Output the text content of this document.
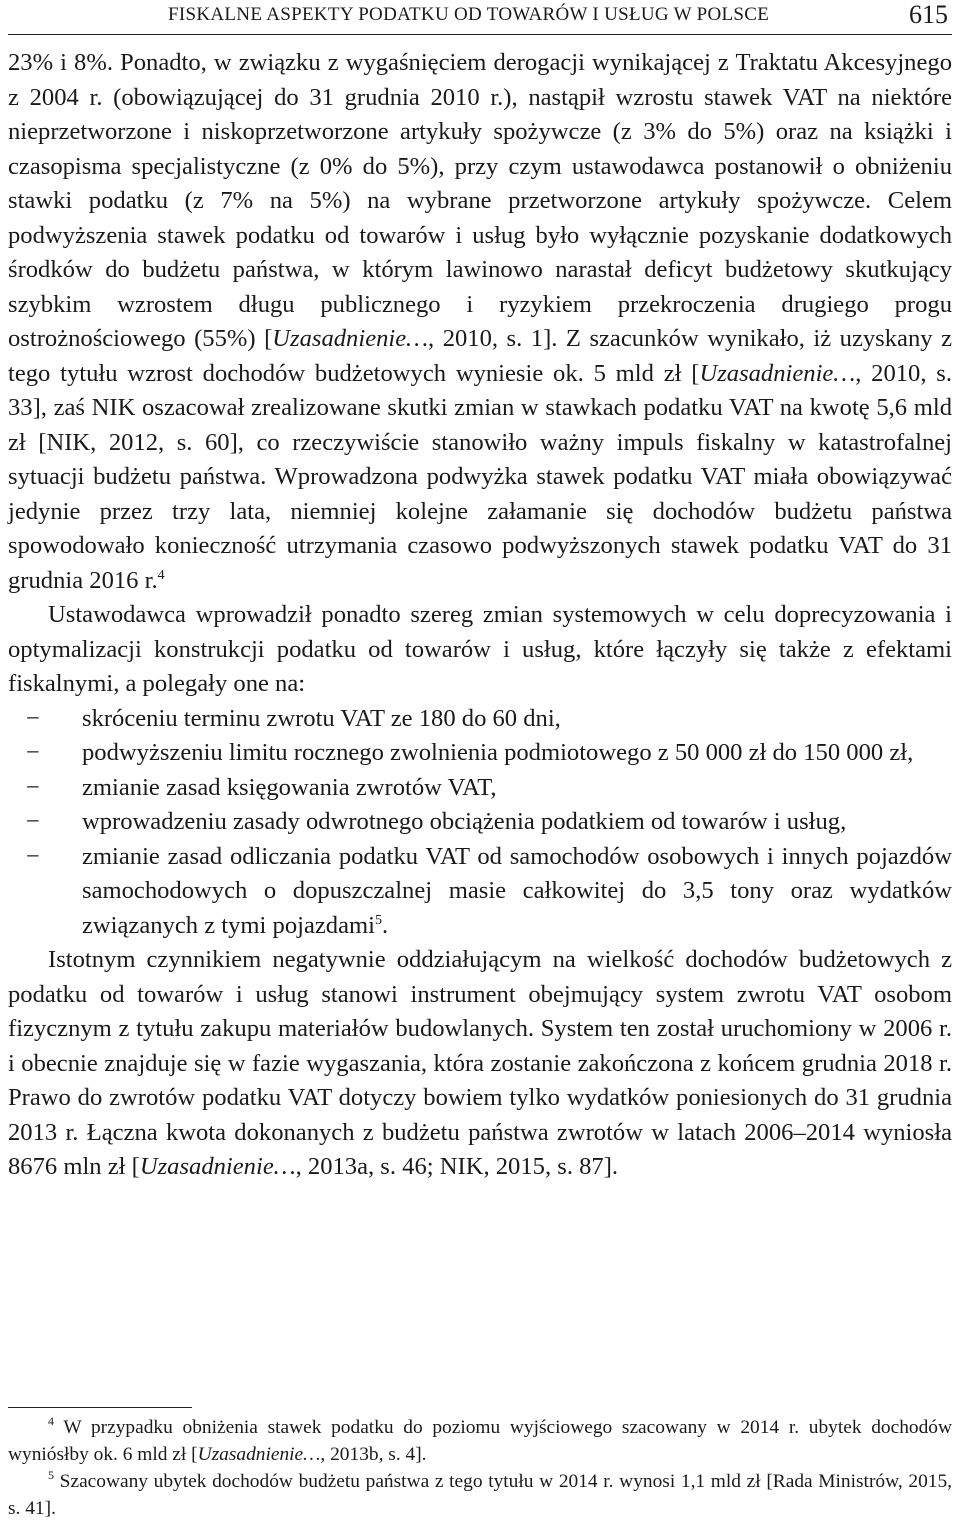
FISKALNE ASPEKTY PODATKU OD TOWARÓW I USŁUG W POLSCE	615

23% i 8%. Ponadto, w związku z wygaśnięciem derogacji wynikającej z Traktatu Akcesyjnego z 2004 r. (obowiązującej do 31 grudnia 2010 r.), nastąpił wzrostu stawek VAT na niektóre nieprzetworzone i niskoprzetworzone artykuły spożywcze (z 3% do 5%) oraz na książki i czasopisma specjalistyczne (z 0% do 5%), przy czym ustawodawca postanowił o obniżeniu stawki podatku (z 7% na 5%) na wybrane przetworzone artykuły spożywcze. Celem podwyższenia stawek podatku od towarów i usług było wyłącznie pozyskanie dodatkowych środków do budżetu państwa, w którym lawinowo narastał deficyt budżetowy skutkujący szybkim wzrostem długu publicznego i ryzykiem przekroczenia drugiego progu ostrożnościowego (55%) [Uzasadnienie…, 2010, s. 1]. Z szacunków wynikało, iż uzyskany z tego tytułu wzrost dochodów budżetowych wyniesie ok. 5 mld zł [Uzasadnienie…, 2010, s. 33], zaś NIK oszacował zrealizowane skutki zmian w stawkach podatku VAT na kwotę 5,6 mld zł [NIK, 2012, s. 60], co rzeczywiście stanowiło ważny impuls fiskalny w katastrofalnej sytuacji budżetu państwa. Wprowadzona podwyżka stawek podatku VAT miała obowiązywać jedynie przez trzy lata, niemniej kolejne załamanie się dochodów budżetu państwa spowodowało konieczność utrzymania czasowo podwyższonych stawek podatku VAT do 31 grudnia 2016 r.$^4$

Ustawodawca wprowadził ponadto szereg zmian systemowych w celu doprecyzowania i optymalizacji konstrukcji podatku od towarów i usług, które łączyły się także z efektami fiskalnymi, a polegały one na:

− skróceniu terminu zwrotu VAT ze 180 do 60 dni,
− podwyższeniu limitu rocznego zwolnienia podmiotowego z 50 000 zł do 150 000 zł,
− zmianie zasad księgowania zwrotów VAT,
− wprowadzeniu zasady odwrotnego obciążenia podatkiem od towarów i usług,
− zmianie zasad odliczania podatku VAT od samochodów osobowych i innych pojazdów samochodowych o dopuszczalnej masie całkowitej do 3,5 tony oraz wydatków związanych z tymi pojazdami$^5$.

Istotnym czynnikiem negatywnie oddziałującym na wielkość dochodów budżetowych z podatku od towarów i usług stanowi instrument obejmujący system zwrotu VAT osobom fizycznym z tytułu zakupu materiałów budowlanych. System ten został uruchomiony w 2006 r. i obecnie znajduje się w fazie wygaszania, która zostanie zakończona z końcem grudnia 2018 r. Prawo do zwrotów podatku VAT dotyczy bowiem tylko wydatków poniesionych do 31 grudnia 2013 r. Łączna kwota dokonanych z budżetu państwa zwrotów w latach 2006–2014 wyniosła 8676 mln zł [Uzasadnienie…, 2013a, s. 46; NIK, 2015, s. 87].

$^4$ W przypadku obniżenia stawek podatku do poziomu wyjściowego szacowany w 2014 r. ubytek dochodów wyniósłby ok. 6 mld zł [Uzasadnienie…, 2013b, s. 4].

$^5$ Szacowany ubytek dochodów budżetu państwa z tego tytułu w 2014 r. wynosi 1,1 mld zł [Rada Ministrów, 2015, s. 41].
